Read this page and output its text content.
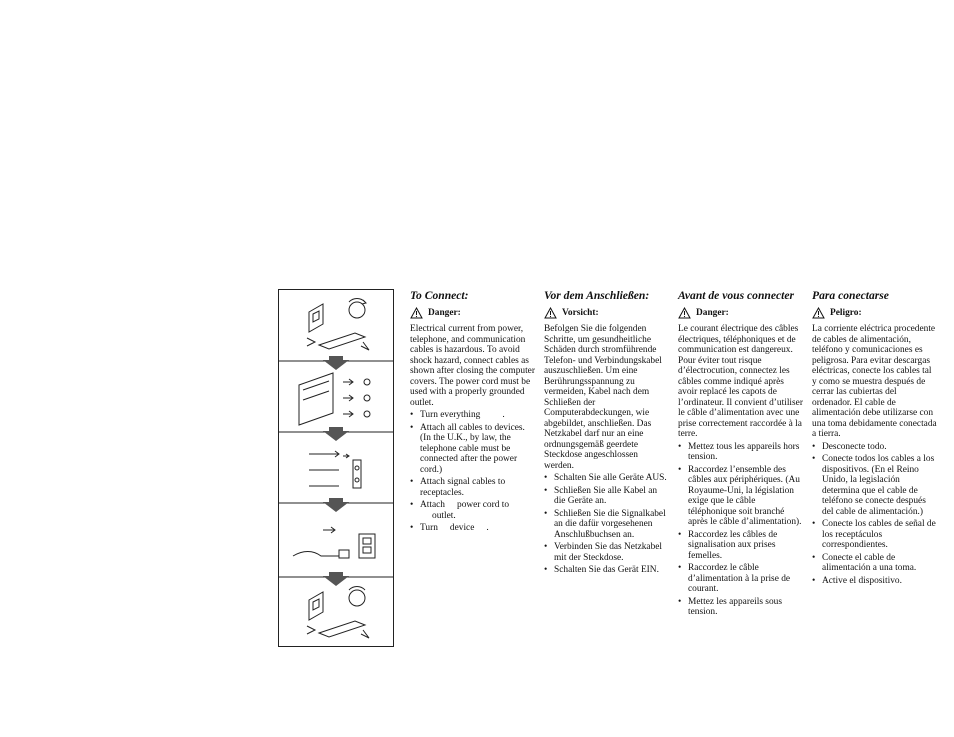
To Connect:
Danger:
Electrical current from power, telephone, and communication cables is hazardous. To avoid shock hazard, connect cables as shown after closing the computer covers. The power cord must be used with a properly grounded outlet.
• Turn everything .
• Attach all cables to devices. (In the U.K., by law, the telephone cable must be connected after the power cord.)
• Attach signal cables to receptacles.
• Attach power cord to
outlet.
• Turn device .
Vor dem Anschließen:
Vorsicht:
Befolgen Sie die folgenden Schritte, um gesundheitliche Schäden durch stromführende Telefon- und Verbindungskabel auszuschließen. Um eine Berührungsspannung zu vermeiden, Kabel nach dem Schließen der Computerabdeckungen, wie abgebildet, anschließen. Das Netzkabel darf nur an eine ordnungsgemäß geerdete Steckdose angeschlossen werden.
• Schalten Sie alle Geräte AUS.
• Schließen Sie alle Kabel an die Geräte an.
• Schließen Sie die Signalkabel an die dafür vorgesehenen Anschlußbuchsen an.
• Verbinden Sie das Netzkabel mit der Steckdose.
• Schalten Sie das Gerät EIN.
Avant de vous connecter
Danger:
Le courant électrique des câbles électriques, téléphoniques et de communication est dangereux. Pour éviter tout risque d’électrocution, connectez les câbles comme indiqué après avoir replacé les capots de l’ordinateur. Il convient d’utiliser le câble d’alimentation avec une prise correctement raccordée à la terre.
• Mettez tous les appareils hors tension.
• Raccordez l’ensemble des câbles aux périphériques. (Au Royaume-Uni, la législation exige que le câble téléphonique soit branché après le câble d’alimentation).
• Raccordez les câbles de signalisation aux prises femelles.
• Raccordez le câble d’alimentation à la prise de courant.
• Mettez les appareils sous tension.
Para conectarse
Peligro:
La corriente eléctrica procedente de cables de alimentación, teléfono y comunicaciones es peligrosa. Para evitar descargas eléctricas, conecte los cables tal y como se muestra después de cerrar las cubiertas del ordenador. El cable de alimentación debe utilizarse con una toma debidamente conectada a tierra.
• Desconecte todo.
• Conecte todos los cables a los dispositivos. (En el Reino Unido, la legislación determina que el cable de teléfono se conecte después del cable de alimentación.)
• Conecte los cables de señal de los receptáculos correspondientes.
• Conecte el cable de alimentación a una toma.
• Active el dispositivo.
